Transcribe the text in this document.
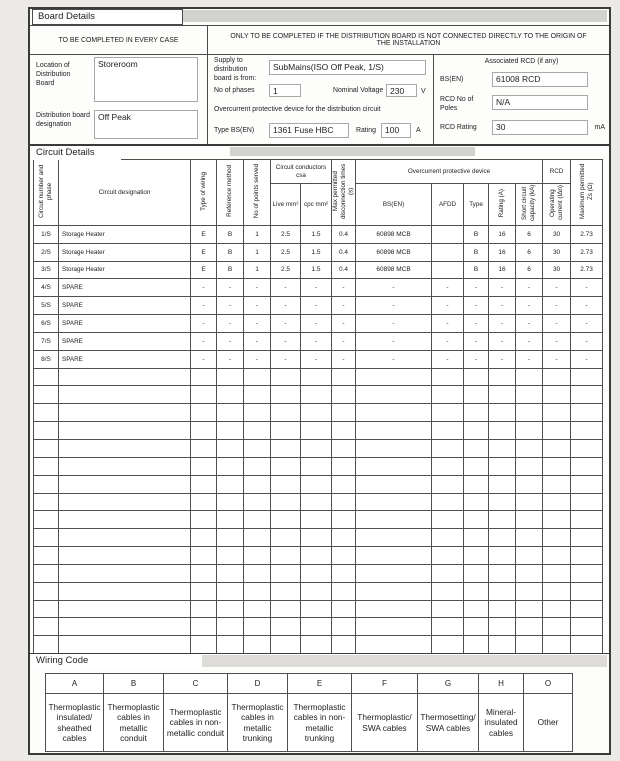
Board Details
TO BE COMPLETED IN EVERY CASE	ONLY TO BE COMPLETED IF THE DISTRIBUTION BOARD IS NOT CONNECTED DIRECTLY TO THE ORIGIN OF THE INSTALLATION
Location of Distribution Board
Storeroom
Distribution board designation
Off Peak
Supply to distribution board is from:
SubMains(ISO Off Peak, 1/S)
No of phases	1	Nominal Voltage 230	V
Overcurrent protective device for the distribution circuit
Type BS(EN)	1361 Fuse HBC	Rating	100	A
Associated RCD (if any)
BS(EN)	61008 RCD
RCD No of Poles
N/A
RCD Rating	30	mA
Circuit Details
Circuit number and phase	Circuit designation	Type of wiring	Reference method	No of points served	Circuit conductors csa		Max permitted disconnection times (s)	Overcurrent protective device					RCD	Maximum permitted Zs (Ω)
					Live mm²	cpc mm²		BS(EN)	AFDD	Type	Rating (A)	Short circuit capacity (kA)	Operating current (IΔn)	
1/S	Storage Heater	E	B	1	2.5	1.5	0.4	60898 MCB		B	16	6	30	2.73
2/S	Storage Heater	E	B	1	2.5	1.5	0.4	60898 MCB		B	16	6	30	2.73
3/S	Storage Heater	E	B	1	2.5	1.5	0.4	60898 MCB		B	16	6	30	2.73
4/S	SPARE	-	-	-	-	-	-	-	-	-	-	-	-	-
5/S	SPARE	-	-	-	-	-	-	-	-	-	-	-	-	-
6/S	SPARE	-	-	-	-	-	-	-	-	-	-	-	-	-
7/S	SPARE	-	-	-	-	-	-	-	-	-	-	-	-	-
8/S	SPARE	-	-	-	-	-	-	-	-	-	-	-	-	-

Wiring Code
A	B	C	D	E	F	G	H	O
Thermoplastic insulated/ sheathed cables	Thermoplastic cables in metallic conduit	Thermoplastic cables in non-metallic conduit	Thermoplastic cables in metallic trunking	Thermoplastic cables in non-metallic trunking	Thermoplastic/ SWA cables	Thermosetting/ SWA cables	Mineral-insulated cables	Other
